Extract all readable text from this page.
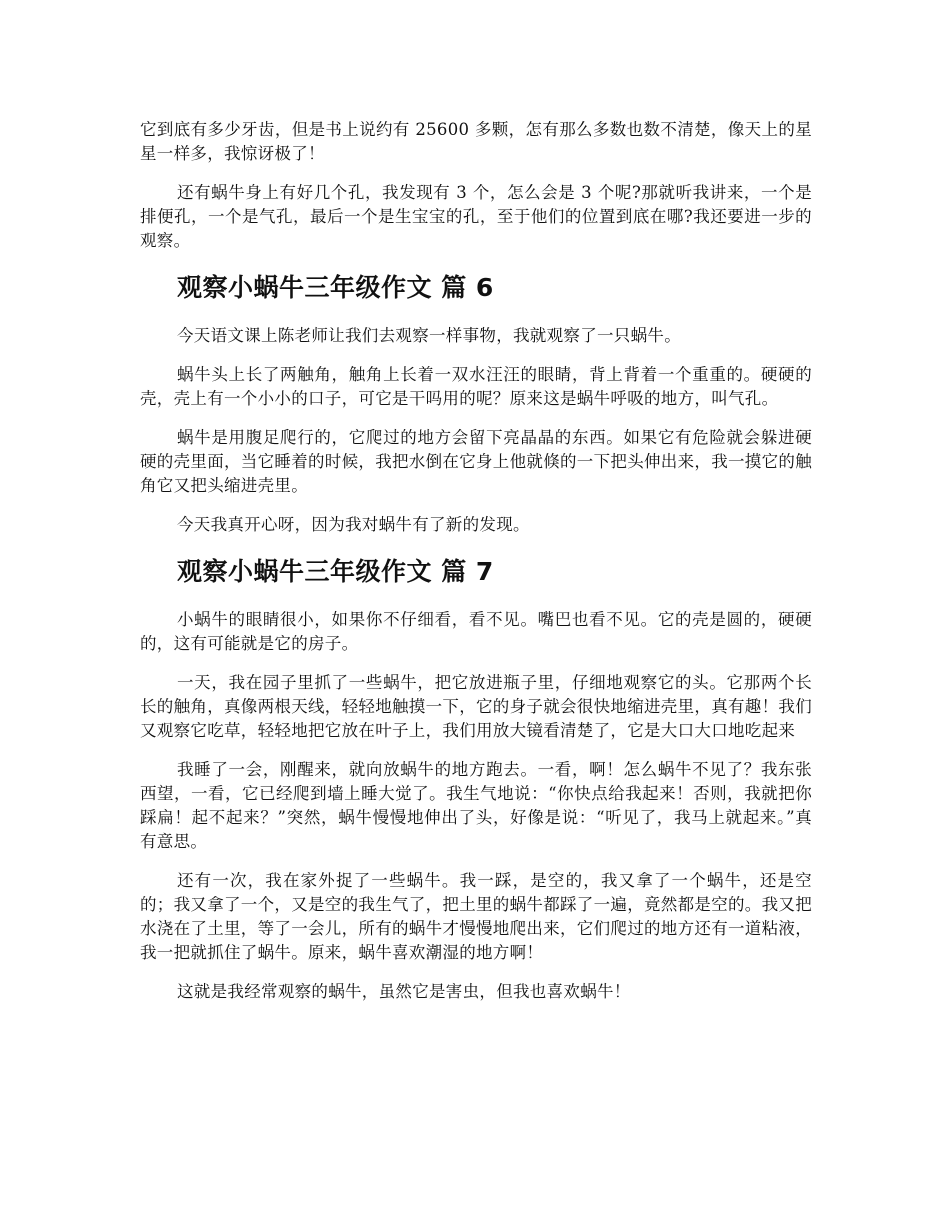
它到底有多少牙齿，但是书上说约有 25600 多颗，怎有那么多数也数不清楚，像天上的星星一样多，我惊讶极了！

还有蜗牛身上有好几个孔，我发现有 3 个，怎么会是 3 个呢?那就听我讲来，一个是排便孔，一个是气孔，最后一个是生宝宝的孔，至于他们的位置到底在哪?我还要进一步的观察。

观察小蜗牛三年级作文 篇 6

今天语文课上陈老师让我们去观察一样事物，我就观察了一只蜗牛。

蜗牛头上长了两触角，触角上长着一双水汪汪的眼睛，背上背着一个重重的。硬硬的壳，壳上有一个小小的口子，可它是干吗用的呢？原来这是蜗牛呼吸的地方，叫气孔。

蜗牛是用腹足爬行的，它爬过的地方会留下亮晶晶的东西。如果它有危险就会躲进硬硬的壳里面，当它睡着的时候，我把水倒在它身上他就倏的一下把头伸出来，我一摸它的触角它又把头缩进壳里。

今天我真开心呀，因为我对蜗牛有了新的发现。

观察小蜗牛三年级作文 篇 7

小蜗牛的眼睛很小，如果你不仔细看，看不见。嘴巴也看不见。它的壳是圆的，硬硬的，这有可能就是它的房子。

一天，我在园子里抓了一些蜗牛，把它放进瓶子里，仔细地观察它的头。它那两个长长的触角，真像两根天线，轻轻地触摸一下，它的身子就会很快地缩进壳里，真有趣！我们又观察它吃草，轻轻地把它放在叶子上，我们用放大镜看清楚了，它是大口大口地吃起来

我睡了一会，刚醒来，就向放蜗牛的地方跑去。一看，啊！怎么蜗牛不见了？我东张西望，一看，它已经爬到墙上睡大觉了。我生气地说：“你快点给我起来！否则，我就把你踩扁！起不起来？”突然，蜗牛慢慢地伸出了头，好像是说：“听见了，我马上就起来。”真有意思。

还有一次，我在家外捉了一些蜗牛。我一踩，是空的，我又拿了一个蜗牛，还是空的；我又拿了一个，又是空的我生气了，把土里的蜗牛都踩了一遍，竟然都是空的。我又把水浇在了土里，等了一会儿，所有的蜗牛才慢慢地爬出来，它们爬过的地方还有一道粘液，我一把就抓住了蜗牛。原来，蜗牛喜欢潮湿的地方啊！

这就是我经常观察的蜗牛，虽然它是害虫，但我也喜欢蜗牛！
